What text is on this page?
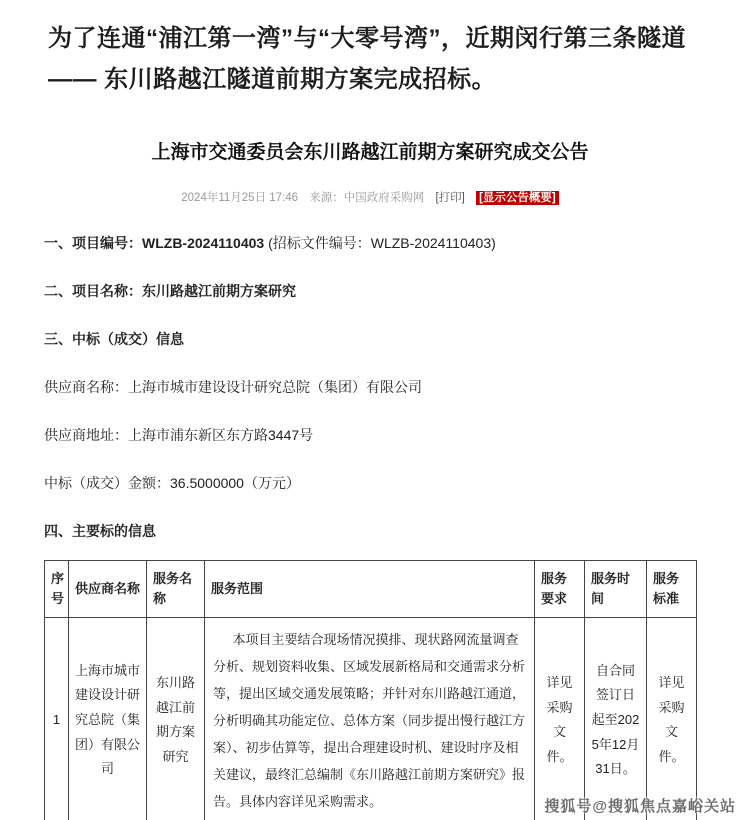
为了连通“浦江第一湾”与“大零号湾”，近期闵行第三条隧道 —— 东川路越江隧道前期方案完成招标。

上海市交通委员会东川路越江前期方案研究成交公告
2024年11月25日 17:46 来源：中国政府采购网 [打印] [显示公告概要]

一、项目编号：WLZB-2024110403 (招标文件编号：WLZB-2024110403)

二、项目名称：东川路越江前期方案研究

三、中标（成交）信息

供应商名称：上海市城市建设设计研究总院（集团）有限公司

供应商地址：上海市浦东新区东方路3447号

中标（成交）金额：36.5000000（万元）

四、主要标的信息

序号	供应商名称	服务名称	服务范围	服务要求	服务时间	服务标准
1	上海市城市建设设计研究总院（集团）有限公司	东川路越江前期方案研究	本项目主要结合现场情况摸排、现状路网流量调查分析、规划资料收集、区域发展新格局和交通需求分析等，提出区域交通发展策略；并针对东川路越江通道，分析明确其功能定位、总体方案（同步提出慢行越江方案）、初步估算等，提出合理建设时机、建设时序及相关建议，最终汇总编制《东川路越江前期方案研究》报告。具体内容详见采购需求。	详见采购文件。	自合同签订日起至2025年12月31日。	详见采购文件。

搜狐号@搜狐焦点嘉峪关站
